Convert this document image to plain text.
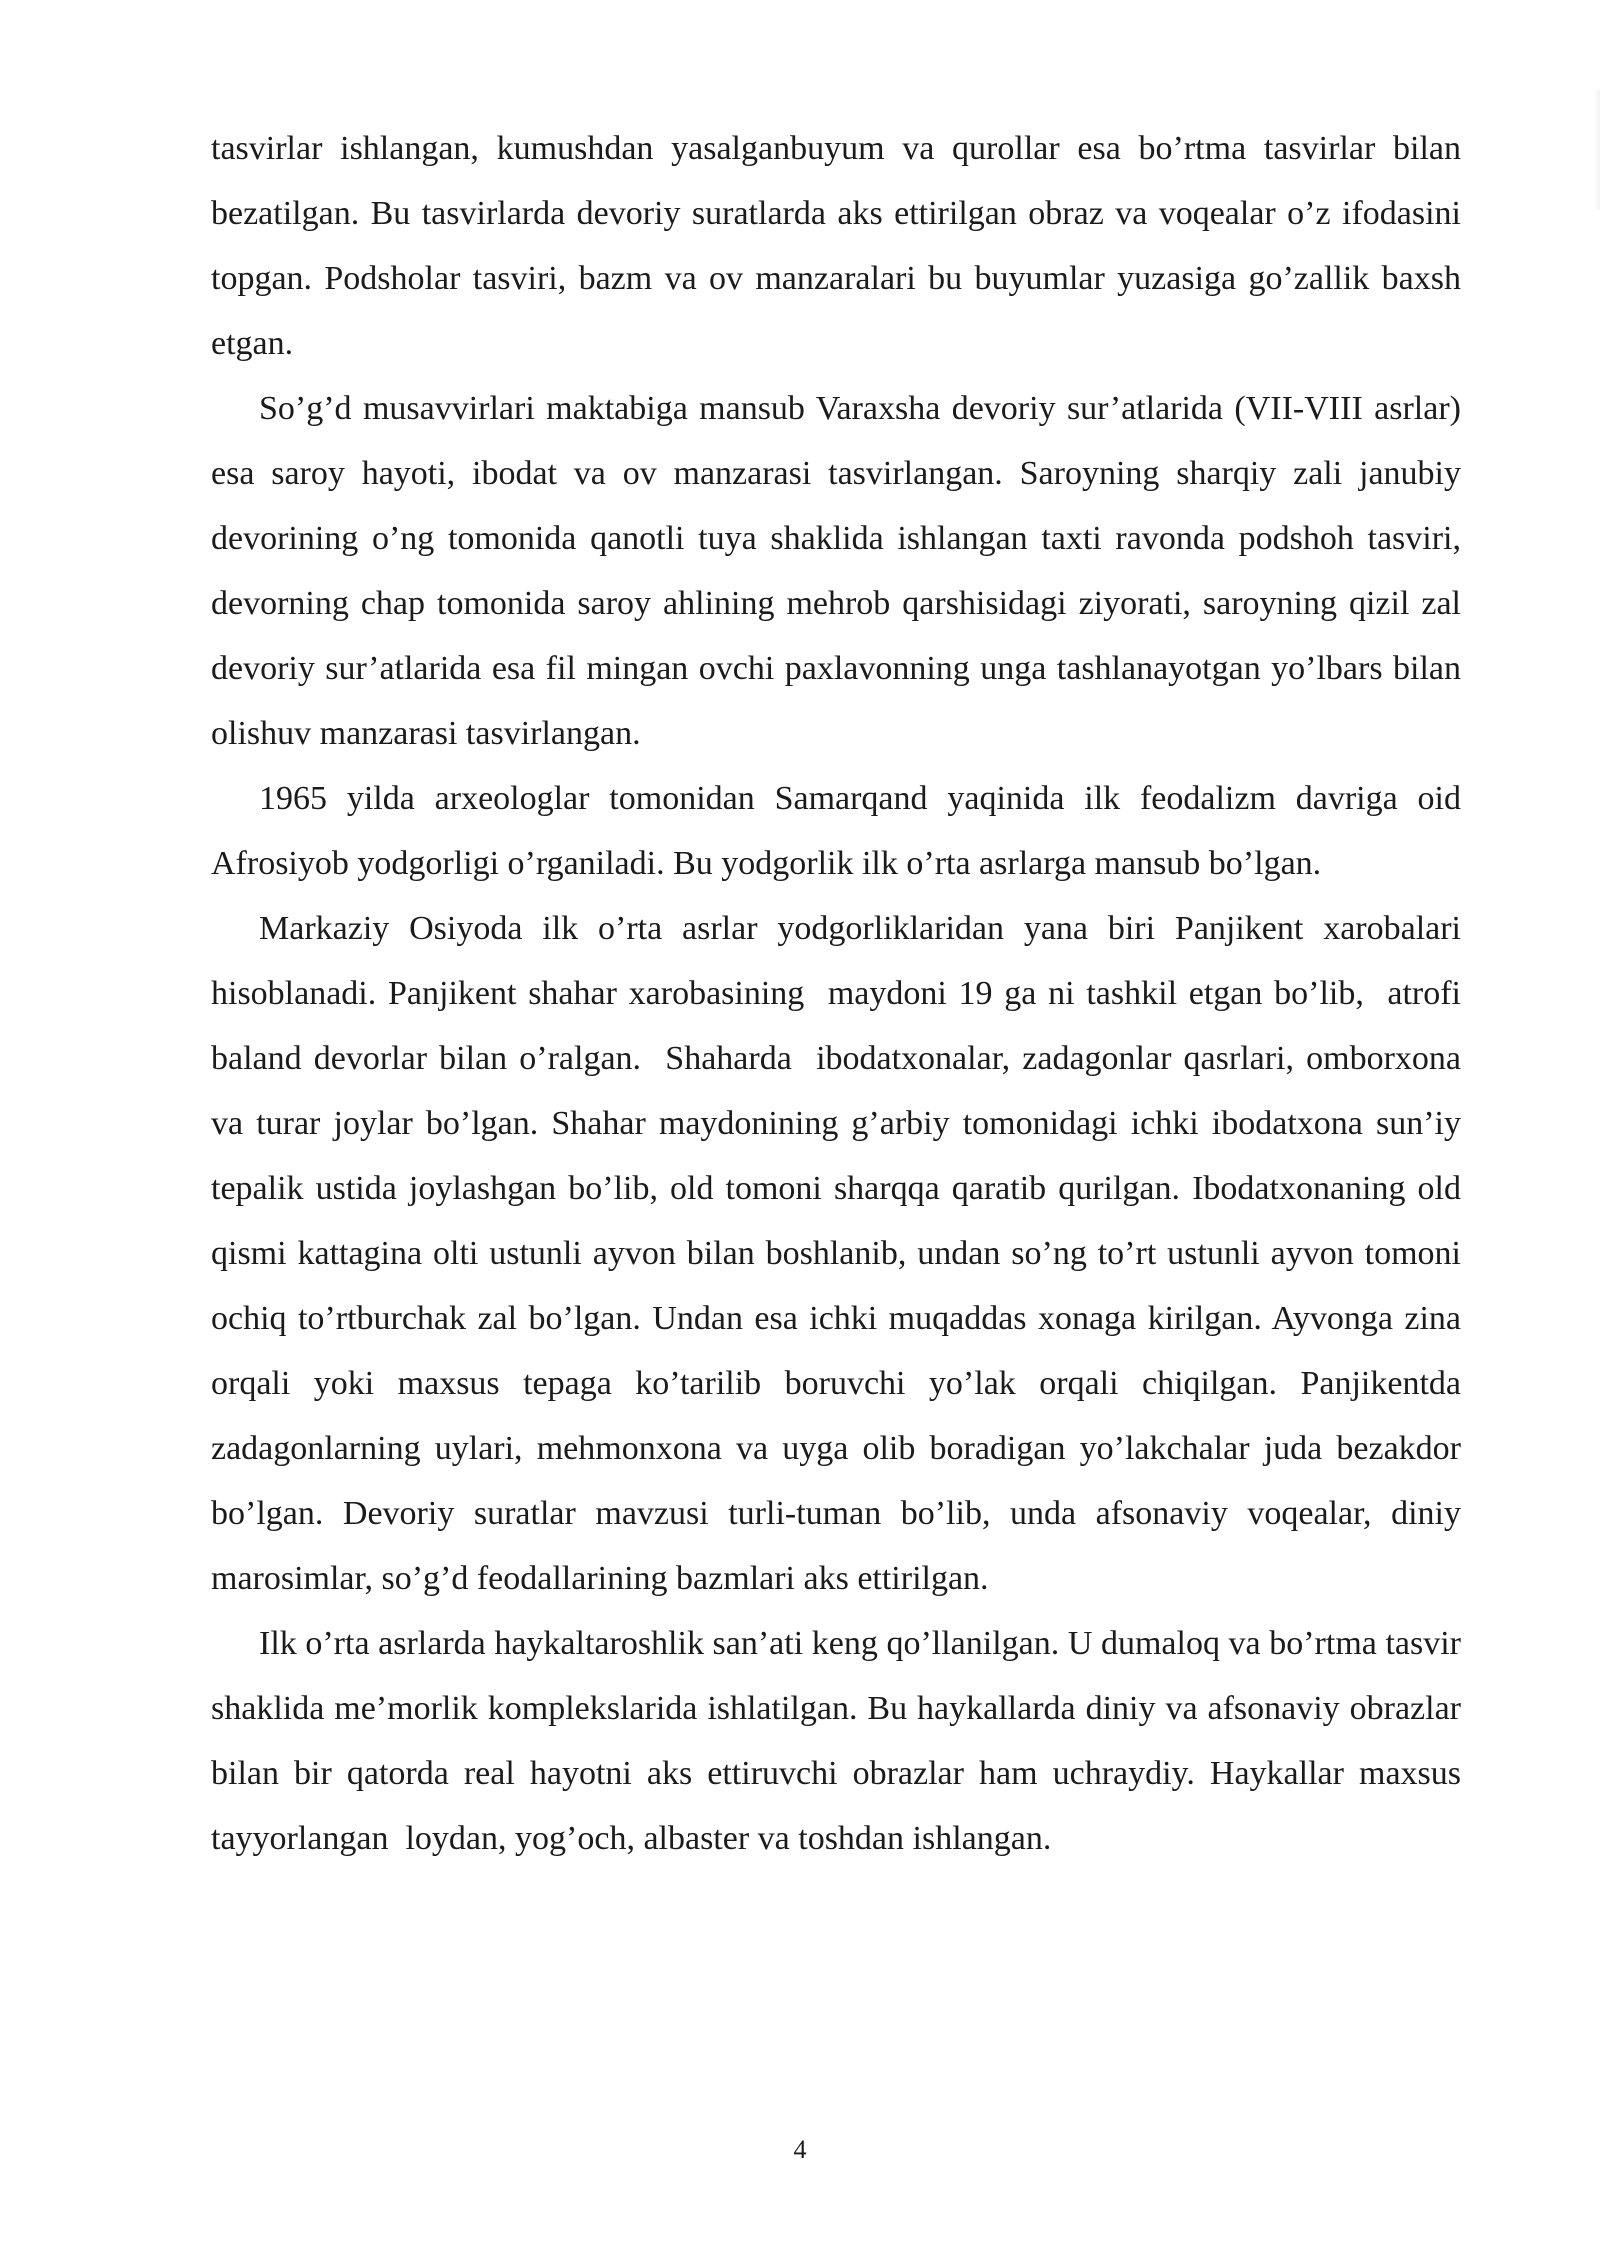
tasvirlar ishlangan, kumushdan yasalganbuyum va qurollar esa bo’rtma tasvirlar bilan bezatilgan. Bu tasvirlarda devoriy suratlarda aks ettirilgan obraz va voqealar o’z ifodasini topgan. Podsholar tasviri, bazm va ov manzaralari bu buyumlar yuzasiga go’zallik baxsh etgan.

So’g’d musavvirlari maktabiga mansub Varaxsha devoriy sur’atlarida (VII-VIII asrlar) esa saroy hayoti, ibodat va ov manzarasi tasvirlangan. Saroyning sharqiy zali janubiy devorining o’ng tomonida qanotli tuya shaklida ishlangan taxti ravonda podshoh tasviri, devorning chap tomonida saroy ahlining mehrob qarshisidagi ziyorati, saroyning qizil zal devoriy sur’atlarida esa fil mingan ovchi paxlavonning unga tashlanayotgan yo’lbars bilan olishuv manzarasi tasvirlangan.

1965 yilda arxeologlar tomonidan Samarqand yaqinida ilk feodalizm davriga oid Afrosiyob yodgorligi o’rganiladi. Bu yodgorlik ilk o’rta asrlarga mansub bo’lgan.

Markaziy Osiyoda ilk o’rta asrlar yodgorliklaridan yana biri Panjikent xarobalari hisoblanadi. Panjikent shahar xarobasining  maydoni 19 ga ni tashkil etgan bo’lib,  atrofi  baland devorlar bilan o’ralgan.  Shaharda  ibodatxonalar, zadagonlar qasrlari, omborxona va turar joylar bo’lgan. Shahar maydonining g’arbiy tomonidagi ichki ibodatxona sun’iy tepalik ustida joylashgan bo’lib, old tomoni sharqqa qaratib qurilgan. Ibodatxonaning old qismi kattagina olti ustunli ayvon bilan boshlanib, undan so’ng to’rt ustunli ayvon tomoni ochiq to’rtburchak zal bo’lgan. Undan esa ichki muqaddas xonaga kirilgan. Ayvonga zina orqali yoki maxsus tepaga ko’tarilib boruvchi yo’lak orqali chiqilgan. Panjikentda zadagonlarning uylari, mehmonxona va uyga olib boradigan yo’lakchalar juda bezakdor bo’lgan. Devoriy suratlar mavzusi turli-tuman bo’lib, unda afsonaviy voqealar, diniy marosimlar, so’g’d feodallarining bazmlari aks ettirilgan.

Ilk o’rta asrlarda haykaltaroshlik san’ati keng qo’llanilgan. U dumaloq va bo’rtma tasvir shaklida me’morlik komplekslarida ishlatilgan. Bu haykallarda diniy va afsonaviy obrazlar bilan bir qatorda real hayotni aks ettiruvchi obrazlar ham uchraydiy. Haykallar maxsus tayyorlangan  loydan, yog’och, albaster va toshdan ishlangan.

4
